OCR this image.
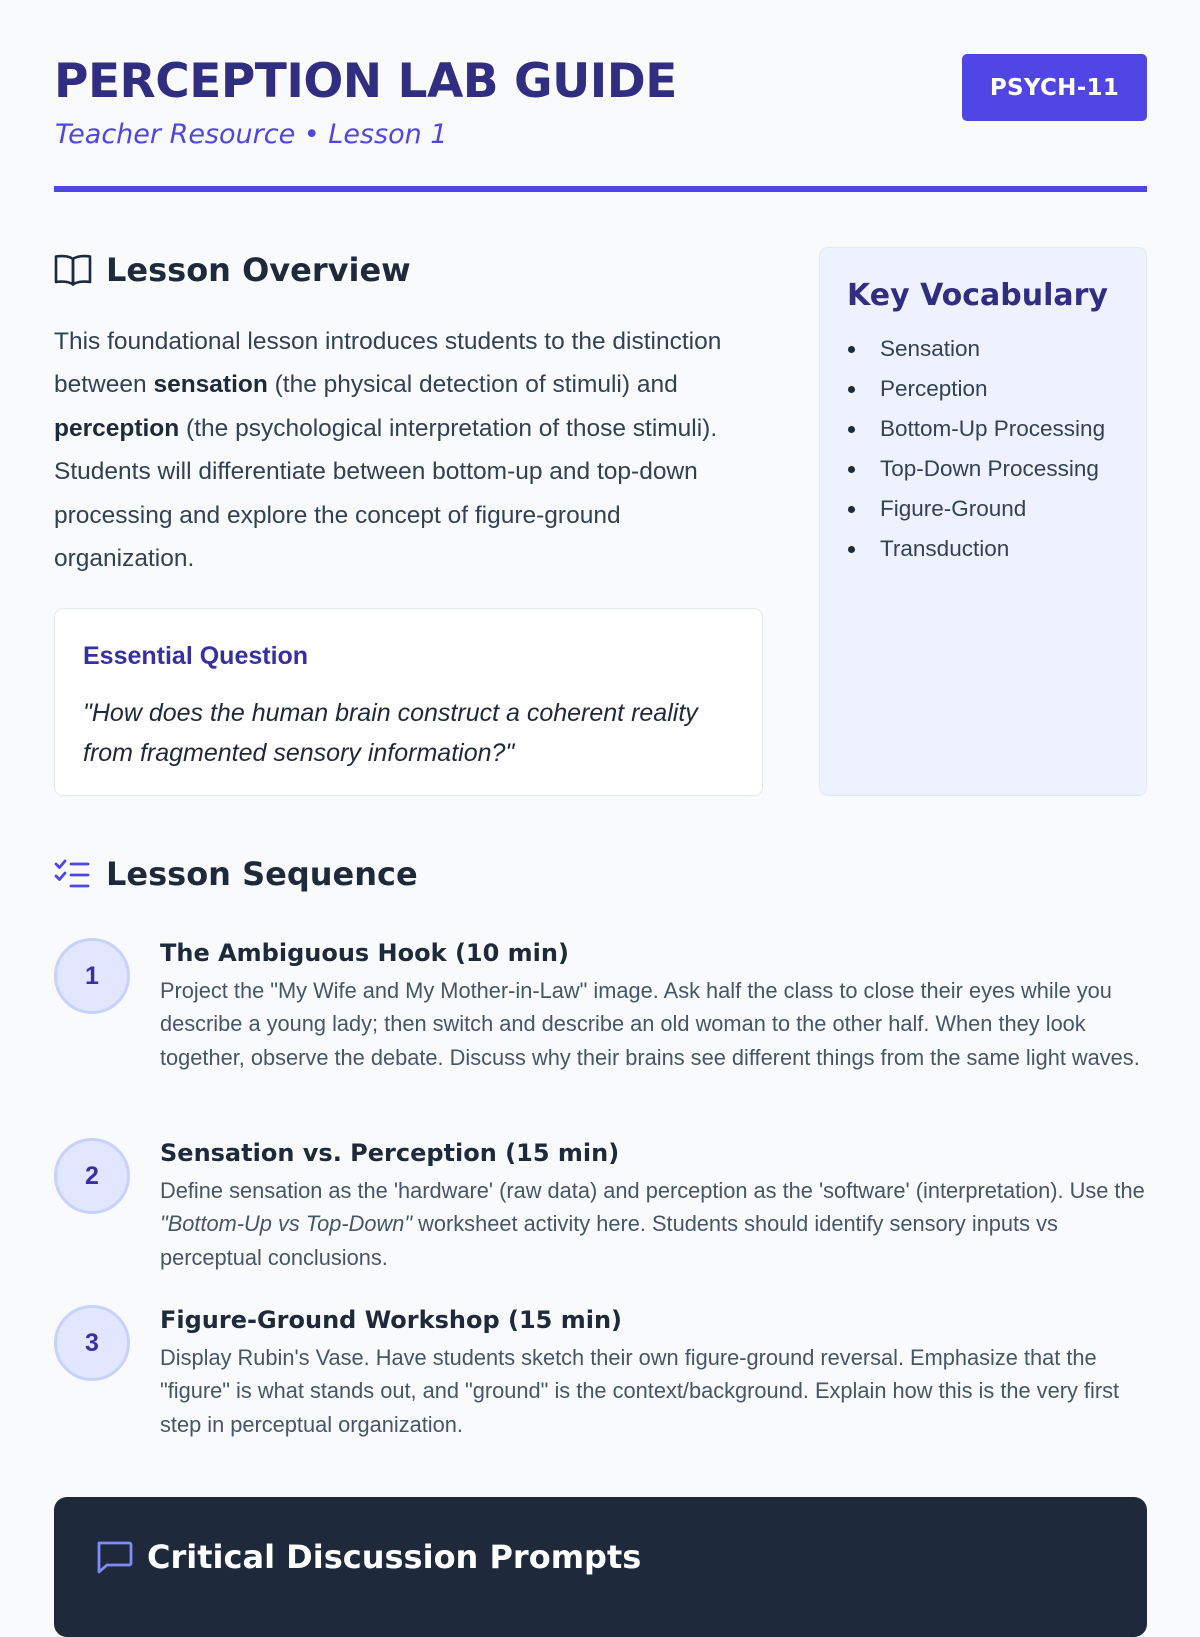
PERCEPTION LAB GUIDE
Teacher Resource • Lesson 1
PSYCH-11
Lesson Overview

This foundational lesson introduces students to the distinction between sensation (the physical detection of stimuli) and perception (the psychological interpretation of those stimuli). Students will differentiate between bottom-up and top-down processing and explore the concept of figure-ground organization.

Essential Question

"How does the human brain construct a coherent reality from fragmented sensory information?"

Key Vocabulary
Sensation
Perception
Bottom-Up Processing
Top-Down Processing
Figure-Ground
Transduction
Lesson Sequence
1
The Ambiguous Hook (10 min)

Project the "My Wife and My Mother-in-Law" image. Ask half the class to close their eyes while you describe a young lady; then switch and describe an old woman to the other half. When they look together, observe the debate. Discuss why their brains see different things from the same light waves.

2
Sensation vs. Perception (15 min)

Define sensation as the 'hardware' (raw data) and perception as the 'software' (interpretation). Use the "Bottom-Up vs Top-Down" worksheet activity here. Students should identify sensory inputs vs perceptual conclusions.

3
Figure-Ground Workshop (15 min)

Display Rubin's Vase. Have students sketch their own figure-ground reversal. Emphasize that the "figure" is what stands out, and "ground" is the context/background. Explain how this is the very first step in perceptual organization.

Critical Discussion Prompts
